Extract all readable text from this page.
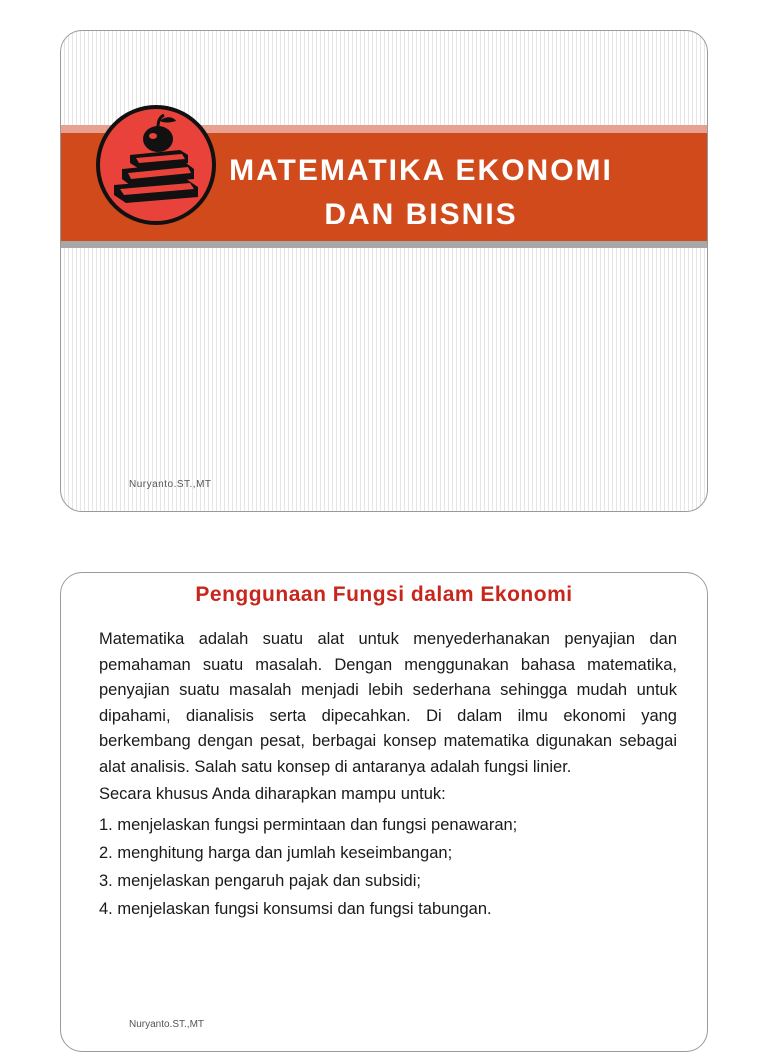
MATEMATIKA EKONOMI
DAN BISNIS
Nuryanto.ST.,MT
Penggunaan Fungsi dalam Ekonomi

Matematika adalah suatu alat untuk menyederhanakan penyajian dan pemahaman suatu masalah. Dengan menggunakan bahasa matematika, penyajian suatu masalah menjadi lebih sederhana sehingga mudah untuk dipahami, dianalisis serta dipecahkan. Di dalam ilmu ekonomi yang berkembang dengan pesat, berbagai konsep matematika digunakan sebagai alat analisis. Salah satu konsep di antaranya adalah fungsi linier.

Secara khusus Anda diharapkan mampu untuk:

1. menjelaskan fungsi permintaan dan fungsi penawaran;
2. menghitung harga dan jumlah keseimbangan;
3. menjelaskan pengaruh pajak dan subsidi;
4. menjelaskan fungsi konsumsi dan fungsi tabungan.
Nuryanto.ST.,MT
